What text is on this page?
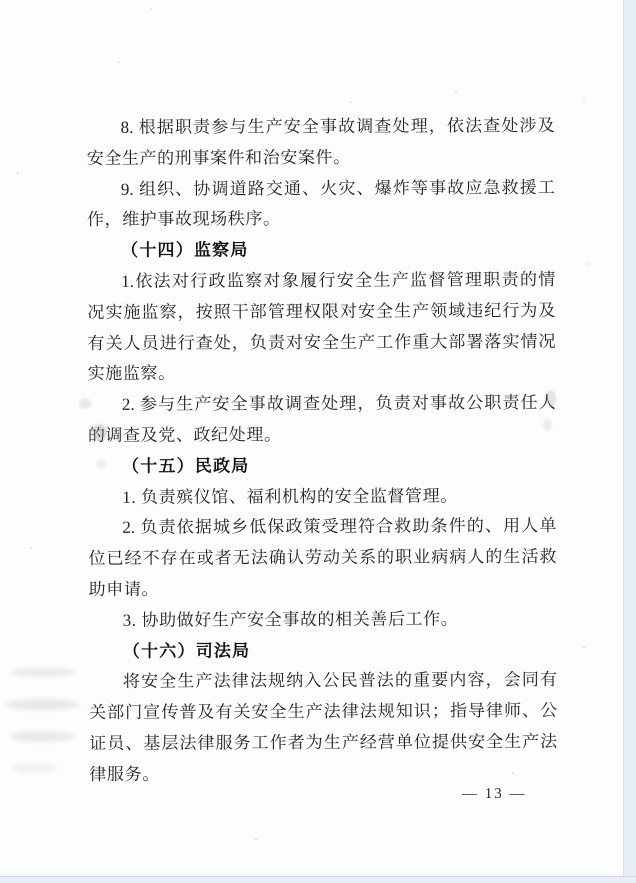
8. 根据职责参与生产安全事故调查处理，依法查处涉及
安全生产的刑事案件和治安案件。
9. 组织、协调道路交通、火灾、爆炸等事故应急救援工
作，维护事故现场秩序。
（十四）监察局
1.依法对行政监察对象履行安全生产监督管理职责的情
况实施监察，按照干部管理权限对安全生产领域违纪行为及
有关人员进行查处，负责对安全生产工作重大部署落实情况
实施监察。
2. 参与生产安全事故调查处理，负责对事故公职责任人
的调查及党、政纪处理。
（十五）民政局
1. 负责殡仪馆、福利机构的安全监督管理。
2. 负责依据城乡低保政策受理符合救助条件的、用人单
位已经不存在或者无法确认劳动关系的职业病病人的生活救
助申请。
3. 协助做好生产安全事故的相关善后工作。
（十六）司法局
将安全生产法律法规纳入公民普法的重要内容，会同有
关部门宣传普及有关安全生产法律法规知识；指导律师、公
证员、基层法律服务工作者为生产经营单位提供安全生产法
律服务。
— 13 —
